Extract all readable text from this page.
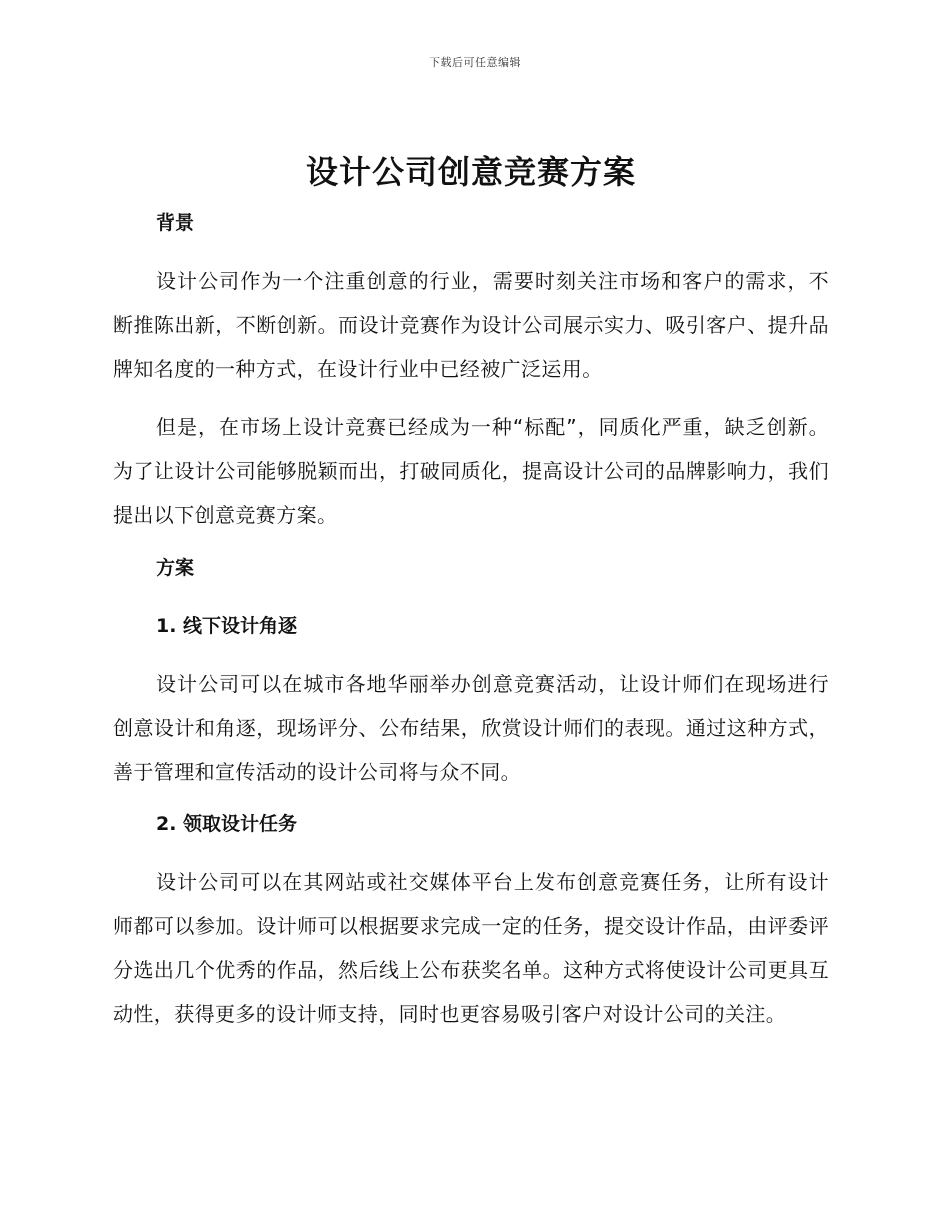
下载后可任意编辑
设计公司创意竞赛方案
背景

设计公司作为一个注重创意的行业，需要时刻关注市场和客户的需求，不断推陈出新，不断创新。而设计竞赛作为设计公司展示实力、吸引客户、提升品牌知名度的一种方式，在设计行业中已经被广泛运用。

但是，在市场上设计竞赛已经成为一种“标配”，同质化严重，缺乏创新。为了让设计公司能够脱颖而出，打破同质化，提高设计公司的品牌影响力，我们提出以下创意竞赛方案。

方案
1. 线下设计角逐

设计公司可以在城市各地华丽举办创意竞赛活动，让设计师们在现场进行创意设计和角逐，现场评分、公布结果，欣赏设计师们的表现。通过这种方式，善于管理和宣传活动的设计公司将与众不同。

2. 领取设计任务

设计公司可以在其网站或社交媒体平台上发布创意竞赛任务，让所有设计师都可以参加。设计师可以根据要求完成一定的任务，提交设计作品，由评委评分选出几个优秀的作品，然后线上公布获奖名单。这种方式将使设计公司更具互动性，获得更多的设计师支持，同时也更容易吸引客户对设计公司的关注。
